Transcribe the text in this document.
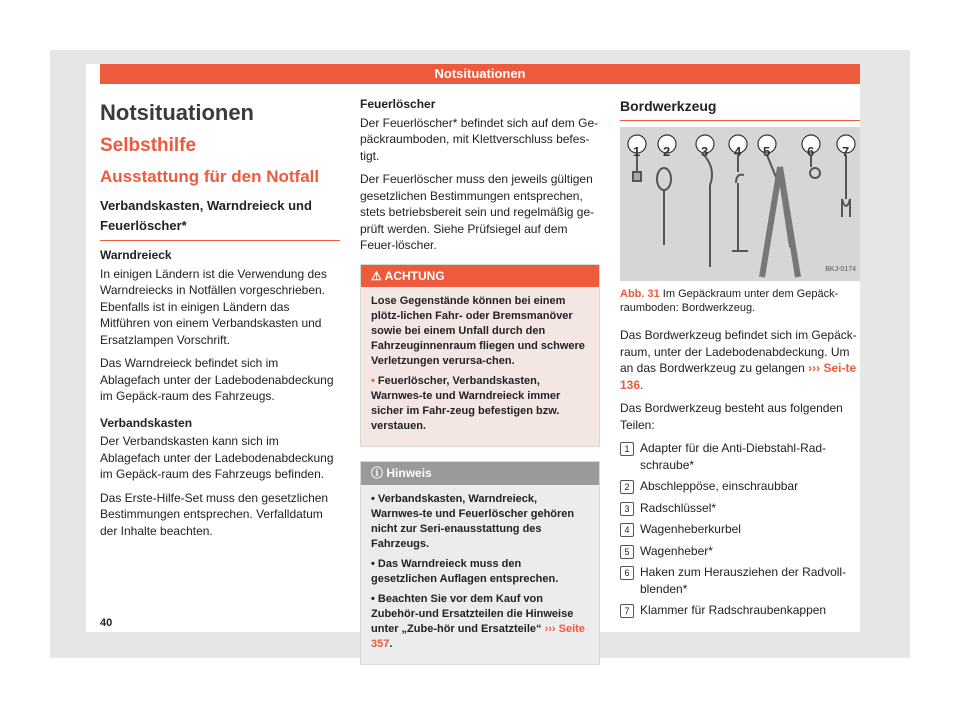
Notsituationen
Notsituationen
Selbsthilfe
Ausstattung für den Notfall
Verbandskasten, Warndreieck und Feuerlöscher*

Warndreieck

In einigen Ländern ist die Verwendung des Warndreiecks in Notfällen vorgeschrieben. Ebenfalls ist in einigen Ländern das Mitführen von einem Verbandskasten und Ersatzlampen Vorschrift.

Das Warndreieck befindet sich im Ablagefach unter der Ladebodenabdeckung im Gepäck-raum des Fahrzeugs.

Verbandskasten

Der Verbandskasten kann sich im Ablagefach unter der Ladebodenabdeckung im Gepäck-raum des Fahrzeugs befinden.

Das Erste-Hilfe-Set muss den gesetzlichen Bestimmungen entsprechen. Verfalldatum der Inhalte beachten.

Feuerlöscher

Der Feuerlöscher* befindet sich auf dem Ge-päckraumboden, mit Klettverschluss befes-tigt.

Der Feuerlöscher muss den jeweils gültigen gesetzlichen Bestimmungen entsprechen, stets betriebsbereit sein und regelmäßig ge-prüft werden. Siehe Prüfsiegel auf dem Feuer-löscher.

⚠ ACHTUNG

Lose Gegenstände können bei einem plötz-lichen Fahr- oder Bremsmanöver sowie bei einem Unfall durch den Fahrzeuginnenraum fliegen und schwere Verletzungen verursa-chen.

• Feuerlöscher, Verbandskasten, Warnwes-te und Warndreieck immer sicher im Fahr-zeug befestigen bzw. verstauen.

ⓘ Hinweis

• Verbandskasten, Warndreieck, Warnwes-te und Feuerlöscher gehören nicht zur Seri-enausstattung des Fahrzeugs.

• Das Warndreieck muss den gesetzlichen Auflagen entsprechen.

• Beachten Sie vor dem Kauf von Zubehör-und Ersatzteilen die Hinweise unter „Zube-hör und Ersatzteile“ ››› Seite 357.

Bordwerkzeug
BKJ-0174
Abb. 31 Im Gepäckraum unter dem Gepäck-raumboden: Bordwerkzeug.

Das Bordwerkzeug befindet sich im Gepäck-raum, unter der Ladebodenabdeckung. Um an das Bordwerkzeug zu gelangen ››› Sei-te 136.

Das Bordwerkzeug besteht aus folgenden Teilen:

1 Adapter für die Anti-Diebstahl-Rad-schraube*
2 Abschleppöse, einschraubbar
3 Radschlüssel*
4 Wagenheberkurbel
5 Wagenheber*
6 Haken zum Herausziehen der Radvoll-blenden*
7 Klammer für Radschraubenkappen
40
1 2 3 4 5	6 7
